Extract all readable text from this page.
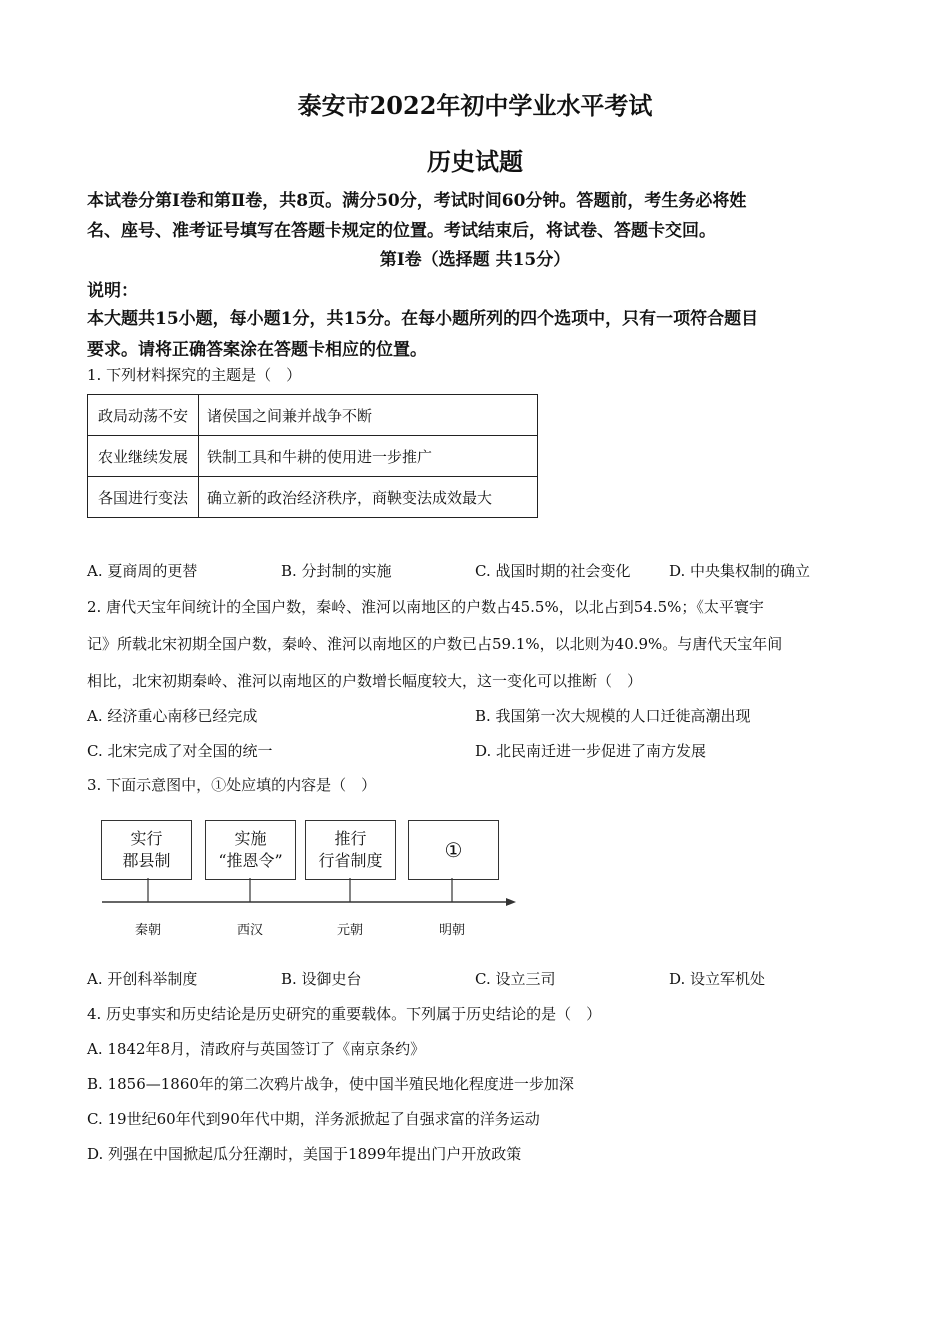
泰安市2022年初中学业水平考试
历史试题
本试卷分第Ⅰ卷和第Ⅱ卷，共8页。满分50分，考试时间60分钟。答题前，考生务必将姓
名、座号、准考证号填写在答题卡规定的位置。考试结束后，将试卷、答题卡交回。
第Ⅰ卷（选择题 共15分）
说明：
本大题共15小题，每小题1分，共15分。在每小题所列的四个选项中，只有一项符合题目
要求。请将正确答案涂在答题卡相应的位置。
1. 下列材料探究的主题是（　）
政局动荡不安	诸侯国之间兼并战争不断
农业继续发展	铁制工具和牛耕的使用进一步推广
各国进行变法	确立新的政治经济秩序，商鞅变法成效最大
A. 夏商周的更替	B. 分封制的实施	C. 战国时期的社会变化	D. 中央集权制的确立
2. 唐代天宝年间统计的全国户数，秦岭、淮河以南地区的户数占45.5%，以北占到54.5%；《太平寰宇
记》所载北宋初期全国户数，秦岭、淮河以南地区的户数已占59.1%，以北则为40.9%。与唐代天宝年间
相比，北宋初期秦岭、淮河以南地区的户数增长幅度较大，这一变化可以推断（　）
A. 经济重心南移已经完成	B. 我国第一次大规模的人口迁徙高潮出现
C. 北宋完成了对全国的统一	D. 北民南迁进一步促进了南方发展
3. 下面示意图中，①处应填的内容是（　）
实行
郡县制
实施
“推恩令”
推行
行省制度	①
秦朝	西汉	元朝	明朝
A. 开创科举制度	B. 设御史台	C. 设立三司	D. 设立军机处
4. 历史事实和历史结论是历史研究的重要载体。下列属于历史结论的是（　）
A. 1842年8月，清政府与英国签订了《南京条约》
B. 1856—1860年的第二次鸦片战争，使中国半殖民地化程度进一步加深
C. 19世纪60年代到90年代中期，洋务派掀起了自强求富的洋务运动
D. 列强在中国掀起瓜分狂潮时，美国于1899年提出门户开放政策
